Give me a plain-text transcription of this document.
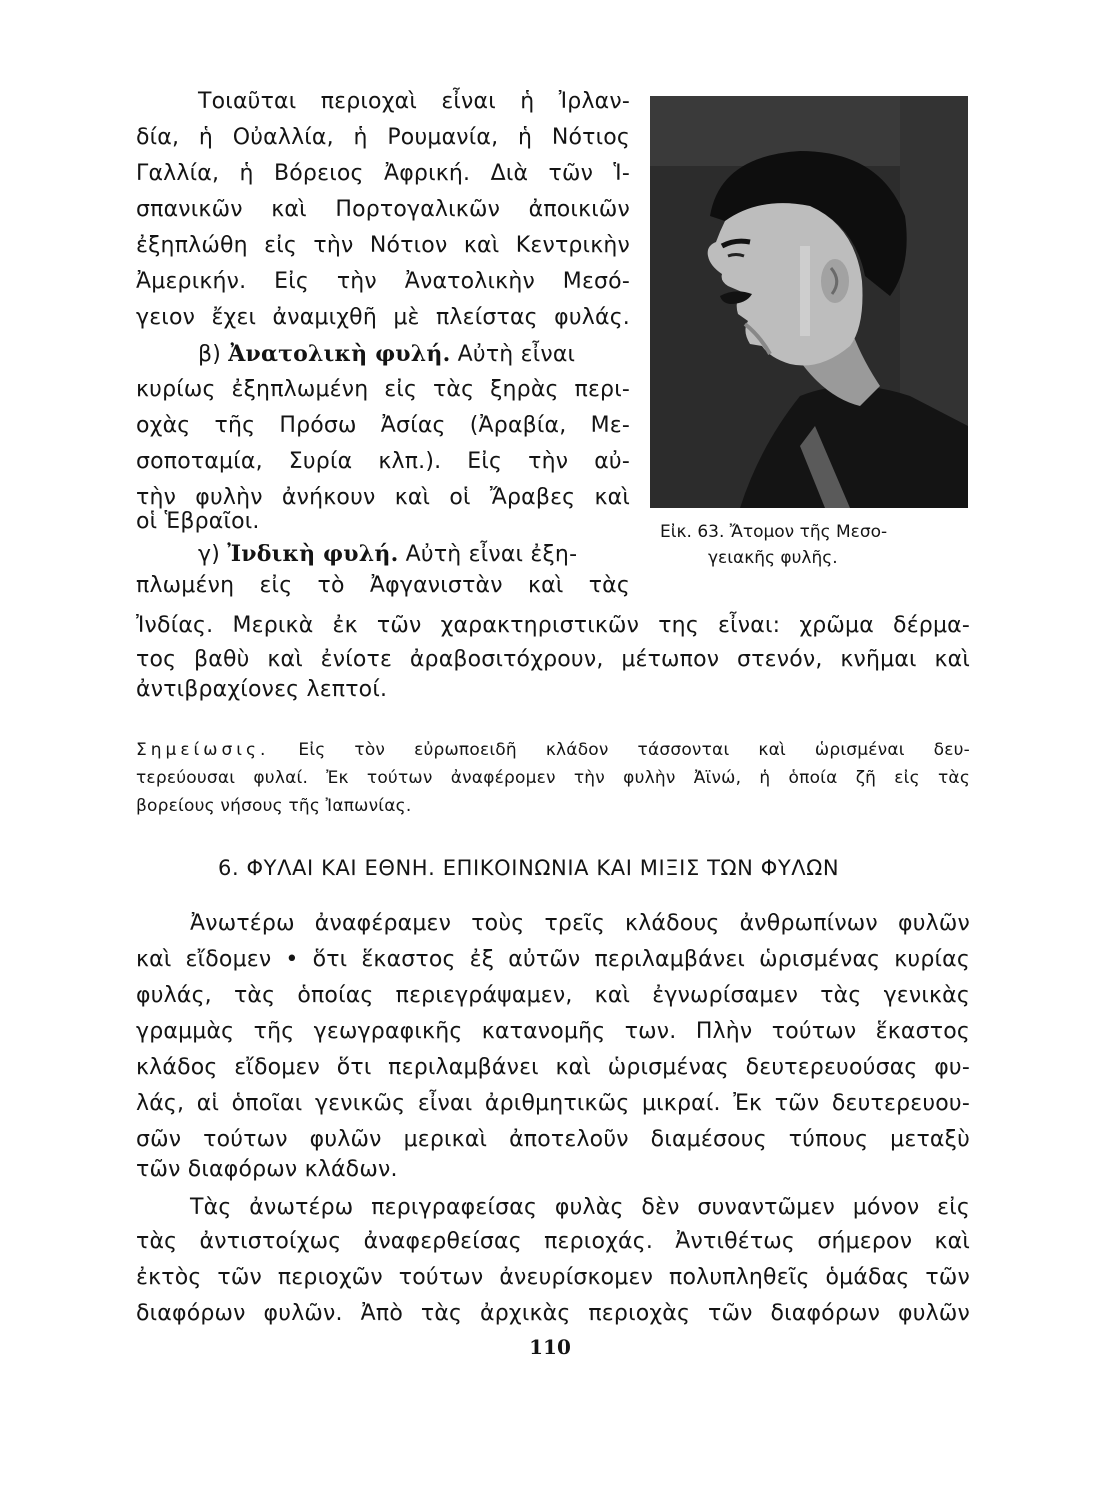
Τοιαῦται περιοχαὶ εἶναι ἡ Ἰρλαν-

δία, ἡ Οὐαλλία, ἡ Ρουμανία, ἡ Νότιος

Γαλλία, ἡ Βόρειος Ἀφρική. Διὰ τῶν Ἱ-

σπανικῶν καὶ Πορτογαλικῶν ἀποικιῶν

ἐξηπλώθη εἰς τὴν Νότιον καὶ Κεντρικὴν

Ἀμερικήν. Εἰς τὴν Ἀνατολικὴν Μεσό-

γειον ἔχει ἀναμιχθῆ μὲ πλείστας φυλάς.

β) Ἀνατολικὴ φυλή. Αὐτὴ εἶναι

κυρίως ἐξηπλωμένη εἰς τὰς ξηρὰς περι-

οχὰς τῆς Πρόσω Ἀσίας (Ἀραβία, Με-

σοποταμία, Συρία κλπ.). Εἰς τὴν αὐ-

τὴν φυλὴν ἀνήκουν καὶ οἱ Ἄραβες καὶ

οἱ Ἑβραῖοι.

γ) Ἰνδικὴ φυλή. Αὐτὴ εἶναι ἐξη-

πλωμένη εἰς τὸ Ἀφγανιστὰν καὶ τὰς

Ἰνδίας. Μερικὰ ἐκ τῶν χαρακτηριστικῶν της εἶναι: χρῶμα δέρμα-

τος βαθὺ καὶ ἐνίοτε ἀραβοσιτόχρουν, μέτωπον στενόν, κνῆμαι καὶ

ἀντιβραχίονες λεπτοί.

Σημείωσις. Εἰς τὸν εὐρωποειδῆ κλάδον τάσσονται καὶ ὡρισμέναι δευ-

τερεύουσαι φυλαί. Ἐκ τούτων ἀναφέρομεν τὴν φυλὴν Ἀϊνώ, ἡ ὁποία ζῆ εἰς τὰς

βορείους νήσους τῆς Ἰαπωνίας.

6. ΦΥΛΑΙ ΚΑΙ ΕΘΝΗ. ΕΠΙΚΟΙΝΩΝΙΑ ΚΑΙ ΜΙΞΙΣ ΤΩΝ ΦΥΛΩΝ

Ἀνωτέρω ἀναφέραμεν τοὺς τρεῖς κλάδους ἀνθρωπίνων φυλῶν

καὶ εἴδομεν • ὅτι ἕκαστος ἐξ αὐτῶν περιλαμβάνει ὡρισμένας κυρίας

φυλάς, τὰς ὁποίας περιεγράψαμεν, καὶ ἐγνωρίσαμεν τὰς γενικὰς

γραμμὰς τῆς γεωγραφικῆς κατανομῆς των. Πλὴν τούτων ἕκαστος

κλάδος εἴδομεν ὅτι περιλαμβάνει καὶ ὡρισμένας δευτερευούσας φυ-

λάς, αἱ ὁποῖαι γενικῶς εἶναι ἀριθμητικῶς μικραί. Ἐκ τῶν δευτερευου-

σῶν τούτων φυλῶν μερικαὶ ἀποτελοῦν διαμέσους τύπους μεταξὺ

τῶν διαφόρων κλάδων.

Τὰς ἀνωτέρω περιγραφείσας φυλὰς δὲν συναντῶμεν μόνον εἰς

τὰς ἀντιστοίχως ἀναφερθείσας περιοχάς. Ἀντιθέτως σήμερον καὶ

ἐκτὸς τῶν περιοχῶν τούτων ἀνευρίσκομεν πολυπληθεῖς ὁμάδας τῶν

διαφόρων φυλῶν. Ἀπὸ τὰς ἀρχικὰς περιοχὰς τῶν διαφόρων φυλῶν

Εἰκ. 63. Ἄτομον τῆς Μεσο-

γειακῆς φυλῆς.

110
